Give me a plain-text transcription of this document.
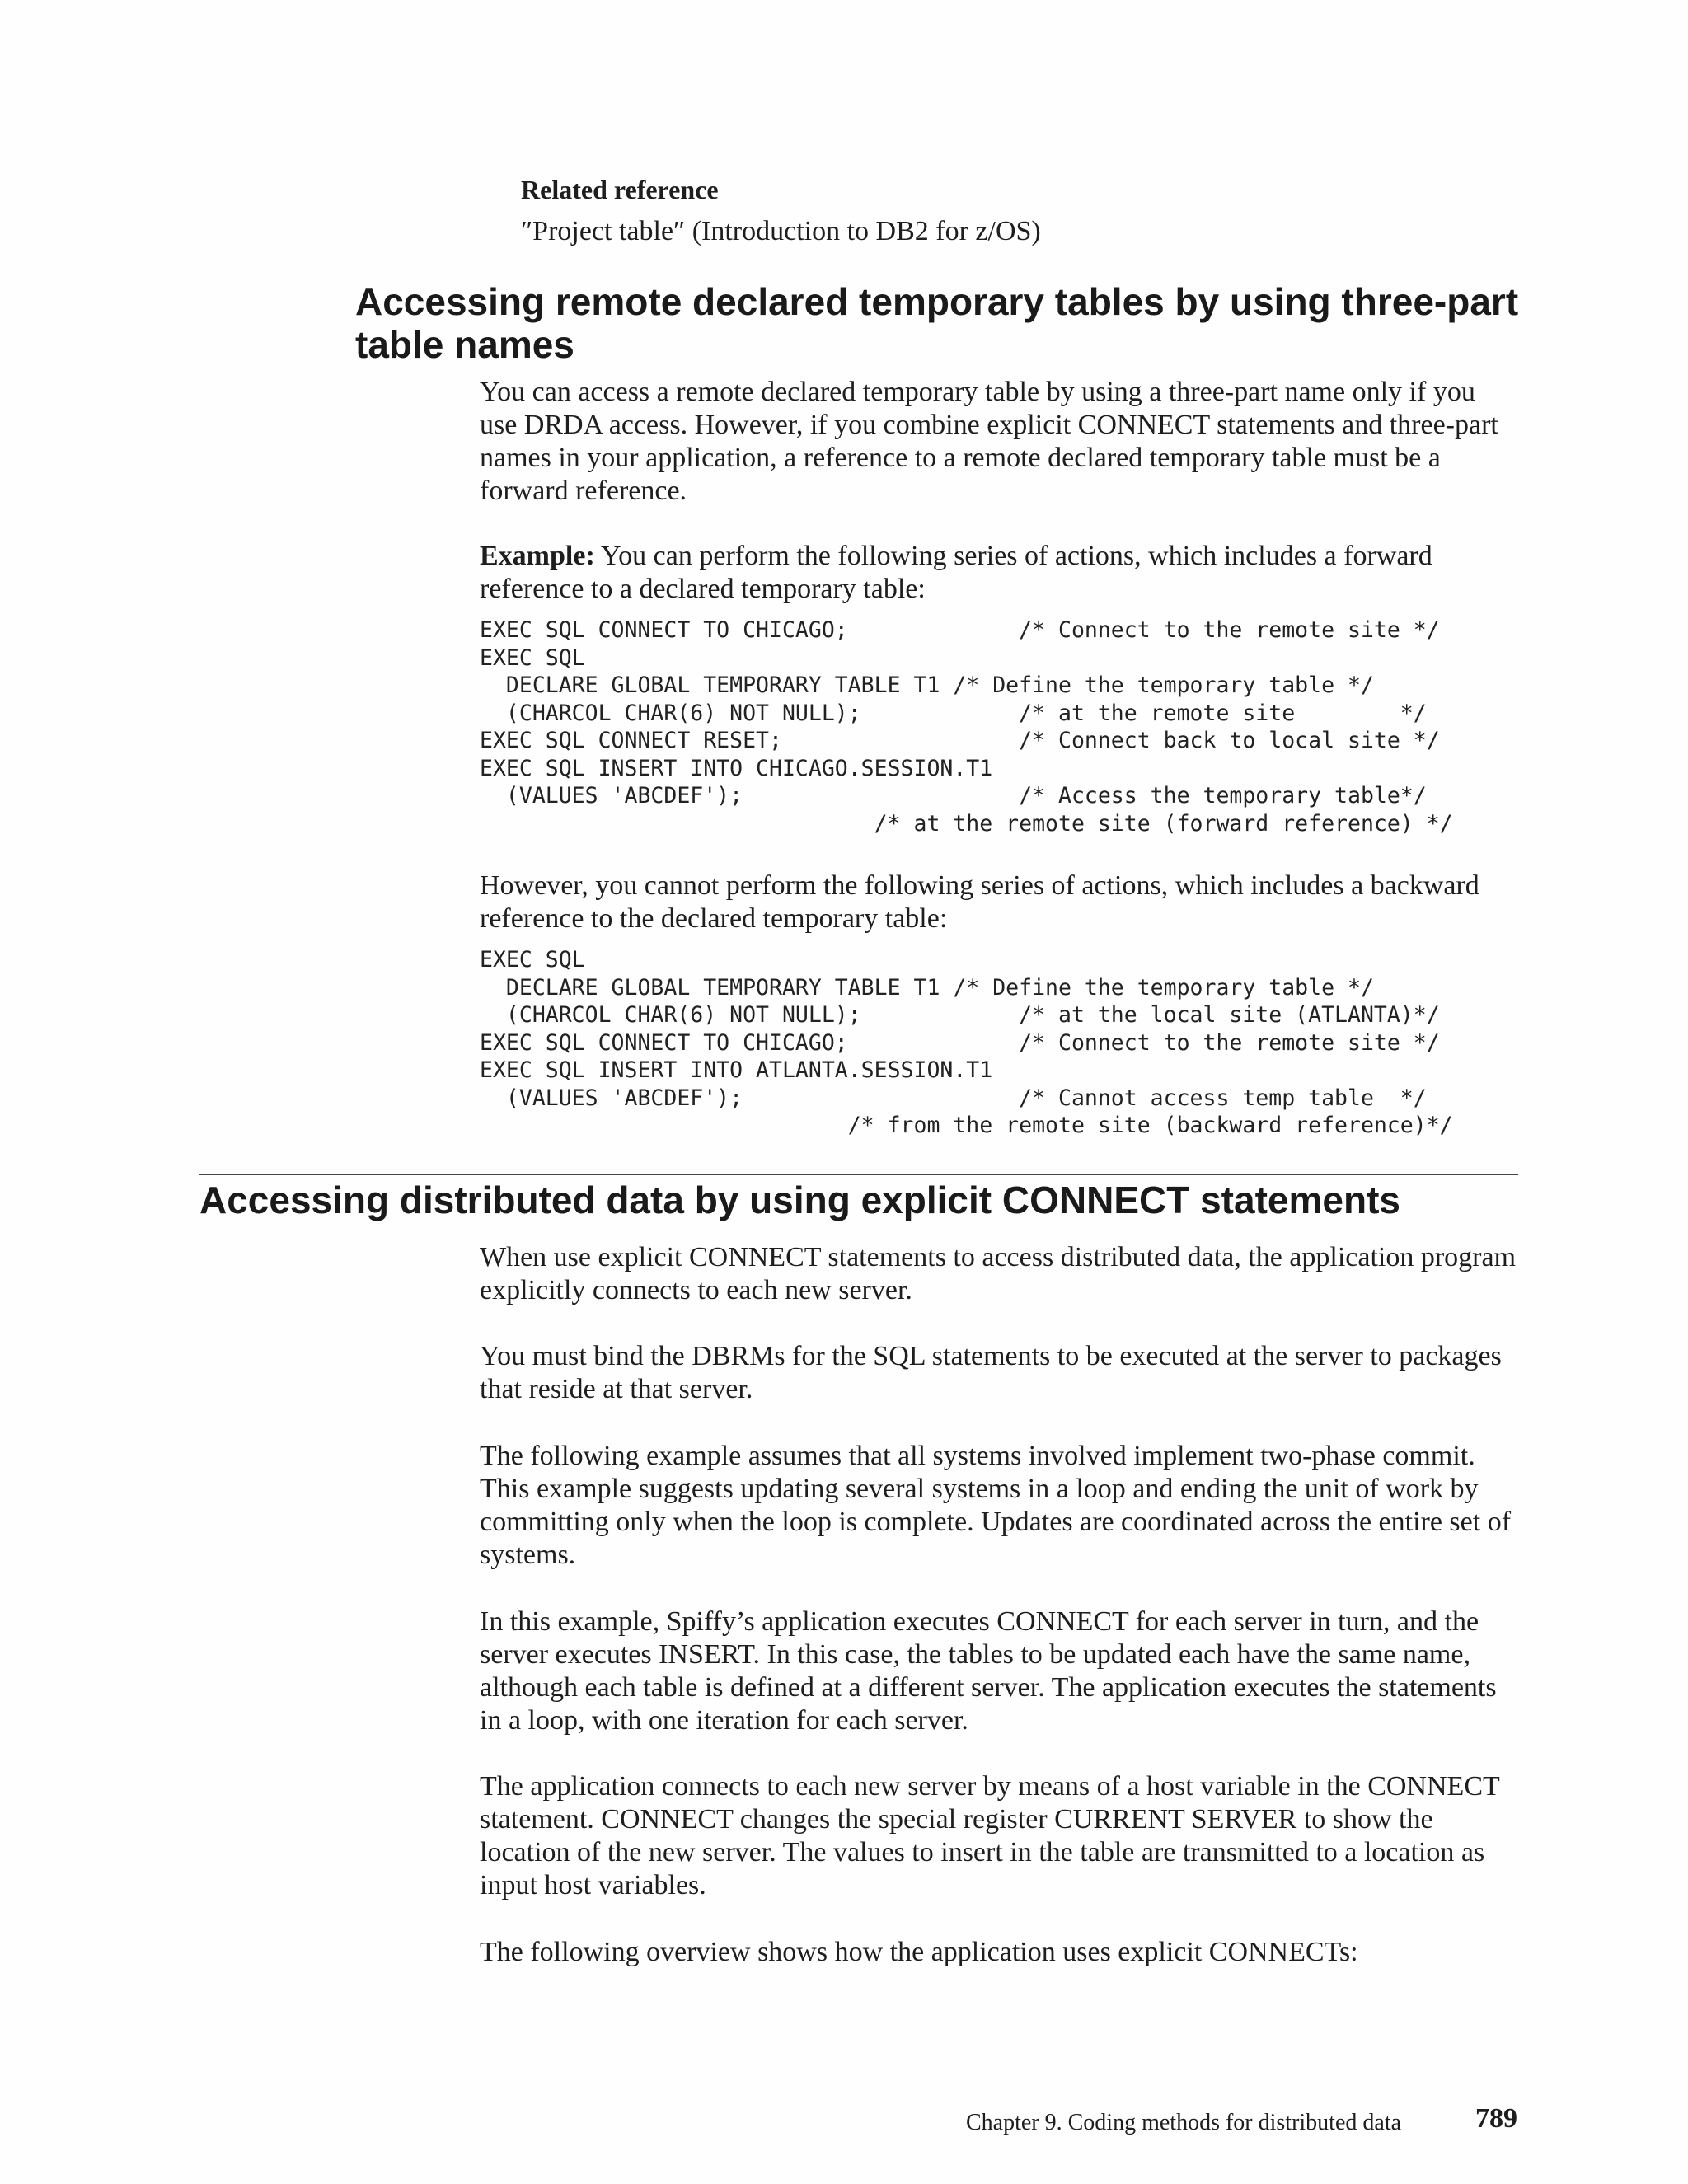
Related reference
″Project table″ (Introduction to DB2 for z/OS)
Accessing remote declared temporary tables by using three-part table names

You can access a remote declared temporary table by using a three-part name only if you use DRDA access. However, if you combine explicit CONNECT statements and three-part names in your application, a reference to a remote declared temporary table must be a forward reference.

Example: You can perform the following series of actions, which includes a forward reference to a declared temporary table:

EXEC SQL CONNECT TO CHICAGO;             /* Connect to the remote site */
EXEC SQL
DECLARE GLOBAL TEMPORARY TABLE T1 /* Define the temporary table */
(CHARCOL CHAR(6) NOT NULL);            /* at the remote site        */
EXEC SQL CONNECT RESET;                  /* Connect back to local site */
EXEC SQL INSERT INTO CHICAGO.SESSION.T1
(VALUES 'ABCDEF');                     /* Access the temporary table*/
/* at the remote site (forward reference) */

However, you cannot perform the following series of actions, which includes a backward reference to the declared temporary table:

EXEC SQL
DECLARE GLOBAL TEMPORARY TABLE T1 /* Define the temporary table */
(CHARCOL CHAR(6) NOT NULL);            /* at the local site (ATLANTA)*/
EXEC SQL CONNECT TO CHICAGO;             /* Connect to the remote site */
EXEC SQL INSERT INTO ATLANTA.SESSION.T1
(VALUES 'ABCDEF');                     /* Cannot access temp table  */
/* from the remote site (backward reference)*/
Accessing distributed data by using explicit CONNECT statements

When use explicit CONNECT statements to access distributed data, the application program explicitly connects to each new server.

You must bind the DBRMs for the SQL statements to be executed at the server to packages that reside at that server.

The following example assumes that all systems involved implement two-phase commit. This example suggests updating several systems in a loop and ending the unit of work by committing only when the loop is complete. Updates are coordinated across the entire set of systems.

In this example, Spiffy’s application executes CONNECT for each server in turn, and the server executes INSERT. In this case, the tables to be updated each have the same name, although each table is defined at a different server. The application executes the statements in a loop, with one iteration for each server.

The application connects to each new server by means of a host variable in the CONNECT statement. CONNECT changes the special register CURRENT SERVER to show the location of the new server. The values to insert in the table are transmitted to a location as input host variables.

The following overview shows how the application uses explicit CONNECTs:

Chapter 9. Coding methods for distributed data	789
